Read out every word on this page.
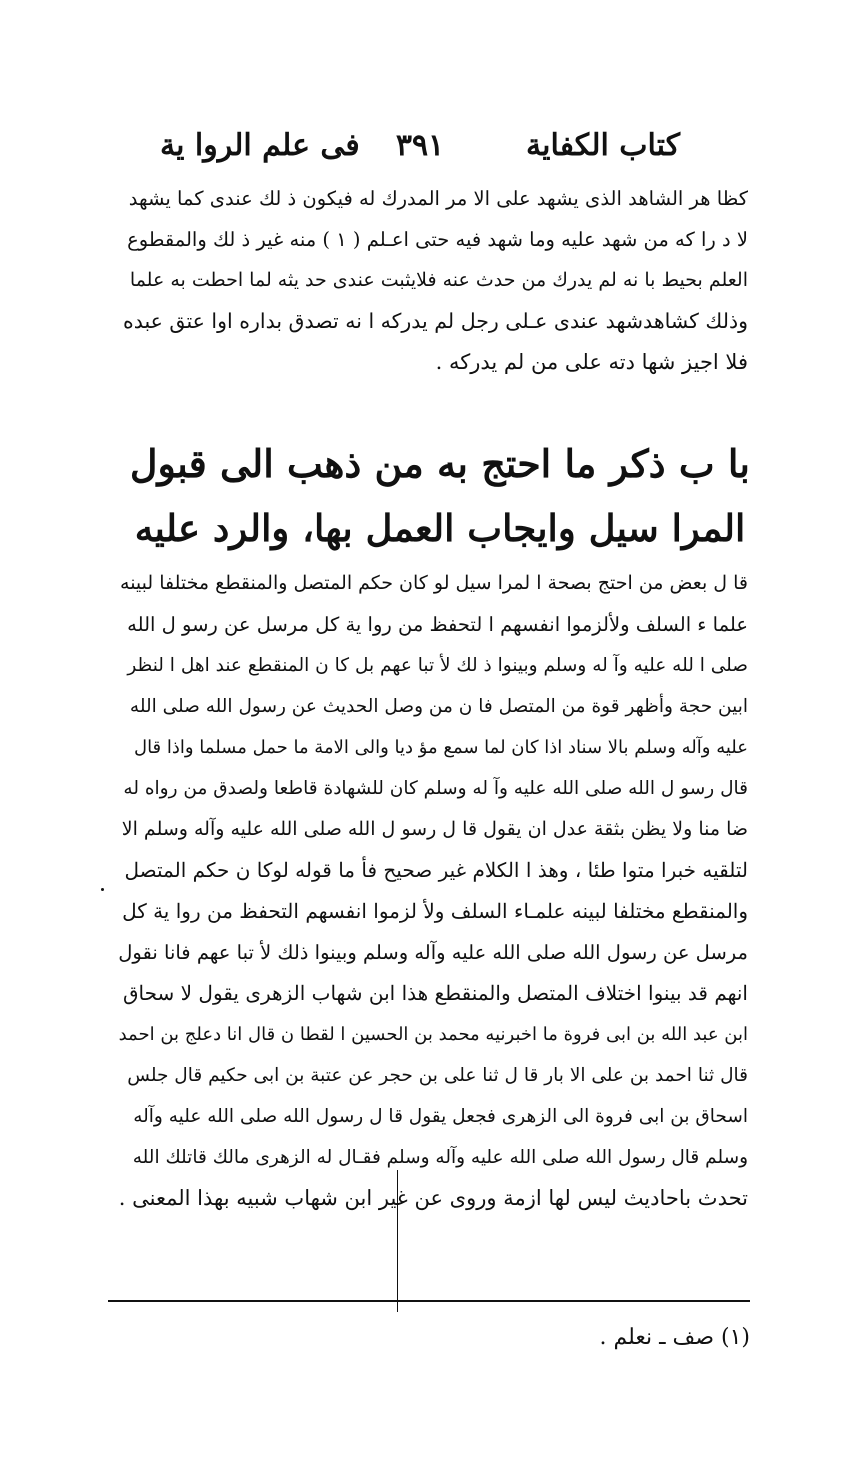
كتاب الكفاية
٣٩١
فى علم الروا ية
كظا هر الشاهد الذى يشهد على الا مر المدرك له فيكون ذ لك عندى كما يشهد
لا د را كه من شهد عليه وما شهد فيه حتى اعـلم ( ١ ) منه غير ذ لك والمقطوع
العلم بحيط با نه لم يدرك من حدث عنه فلايثبت عندى حد يثه لما احطت به علما
وذلك كشاهدشهد عندى عـلى رجل لم يدركه ا نه تصدق بداره اوا عتق عبده
فلا اجيز شها دته على من لم يدركه .
با ب ذكر ما احتج به من ذهب الى قبول
المرا سيل وايجاب العمل بها، والرد عليه
قا ل بعض من احتج بصحة ا لمرا سيل لو كان حكم المتصل والمنقطع مختلفا لبينه
علما ء السلف ولألزموا انفسهم ا لتحفظ من روا ية كل مرسل عن رسو ل الله
صلى ا لله عليه وآ له وسلم وبينوا ذ لك لأ تبا عهم بل كا ن المنقطع عند اهل ا لنظر
ابين حجة وأظهر قوة من المتصل فا ن من وصل الحديث عن رسول الله صلى الله
عليه وآله وسلم بالا سناد اذا كان لما سمع مؤ ديا والى الامة ما حمل مسلما واذا قال
قال رسو ل الله صلى الله عليه وآ له وسلم كان للشهادة قاطعا ولصدق من رواه له
ضا منا ولا يظن بثقة عدل ان يقول قا ل رسو ل الله صلى الله عليه وآله وسلم الا
لتلقيه خبرا متوا طئا ، وهذ ا الكلام غير صحيح فأ ما قوله لوكا ن حكم المتصل
والمنقطع مختلفا لبينه علمـاء السلف ولأ لزموا انفسهم التحفظ من روا ية كل
مرسل عن رسول الله صلى الله عليه وآله وسلم وبينوا ذلك لأ تبا عهم فانا نقول
انهم قد بينوا اختلاف المتصل والمنقطع هذا ابن شهاب الزهرى يقول لا سحاق
ابن عبد الله بن ابى فروة ما اخبرنيه محمد بن الحسين ا لقطا ن قال انا دعلج بن احمد
قال ثنا احمد بن على الا بار قا ل ثنا على بن حجر عن عتبة بن ابى حكيم قال جلس
اسحاق بن ابى فروة الى الزهرى فجعل يقول قا ل رسول الله صلى الله عليه وآله
وسلم قال رسول الله صلى الله عليه وآله وسلم فقـال له الزهرى مالك قاتلك الله
تحدث باحاديث ليس لها ازمة وروى عن غير ابن شهاب شبيه بهذا المعنى .
(١) صف ـ نعلم .
